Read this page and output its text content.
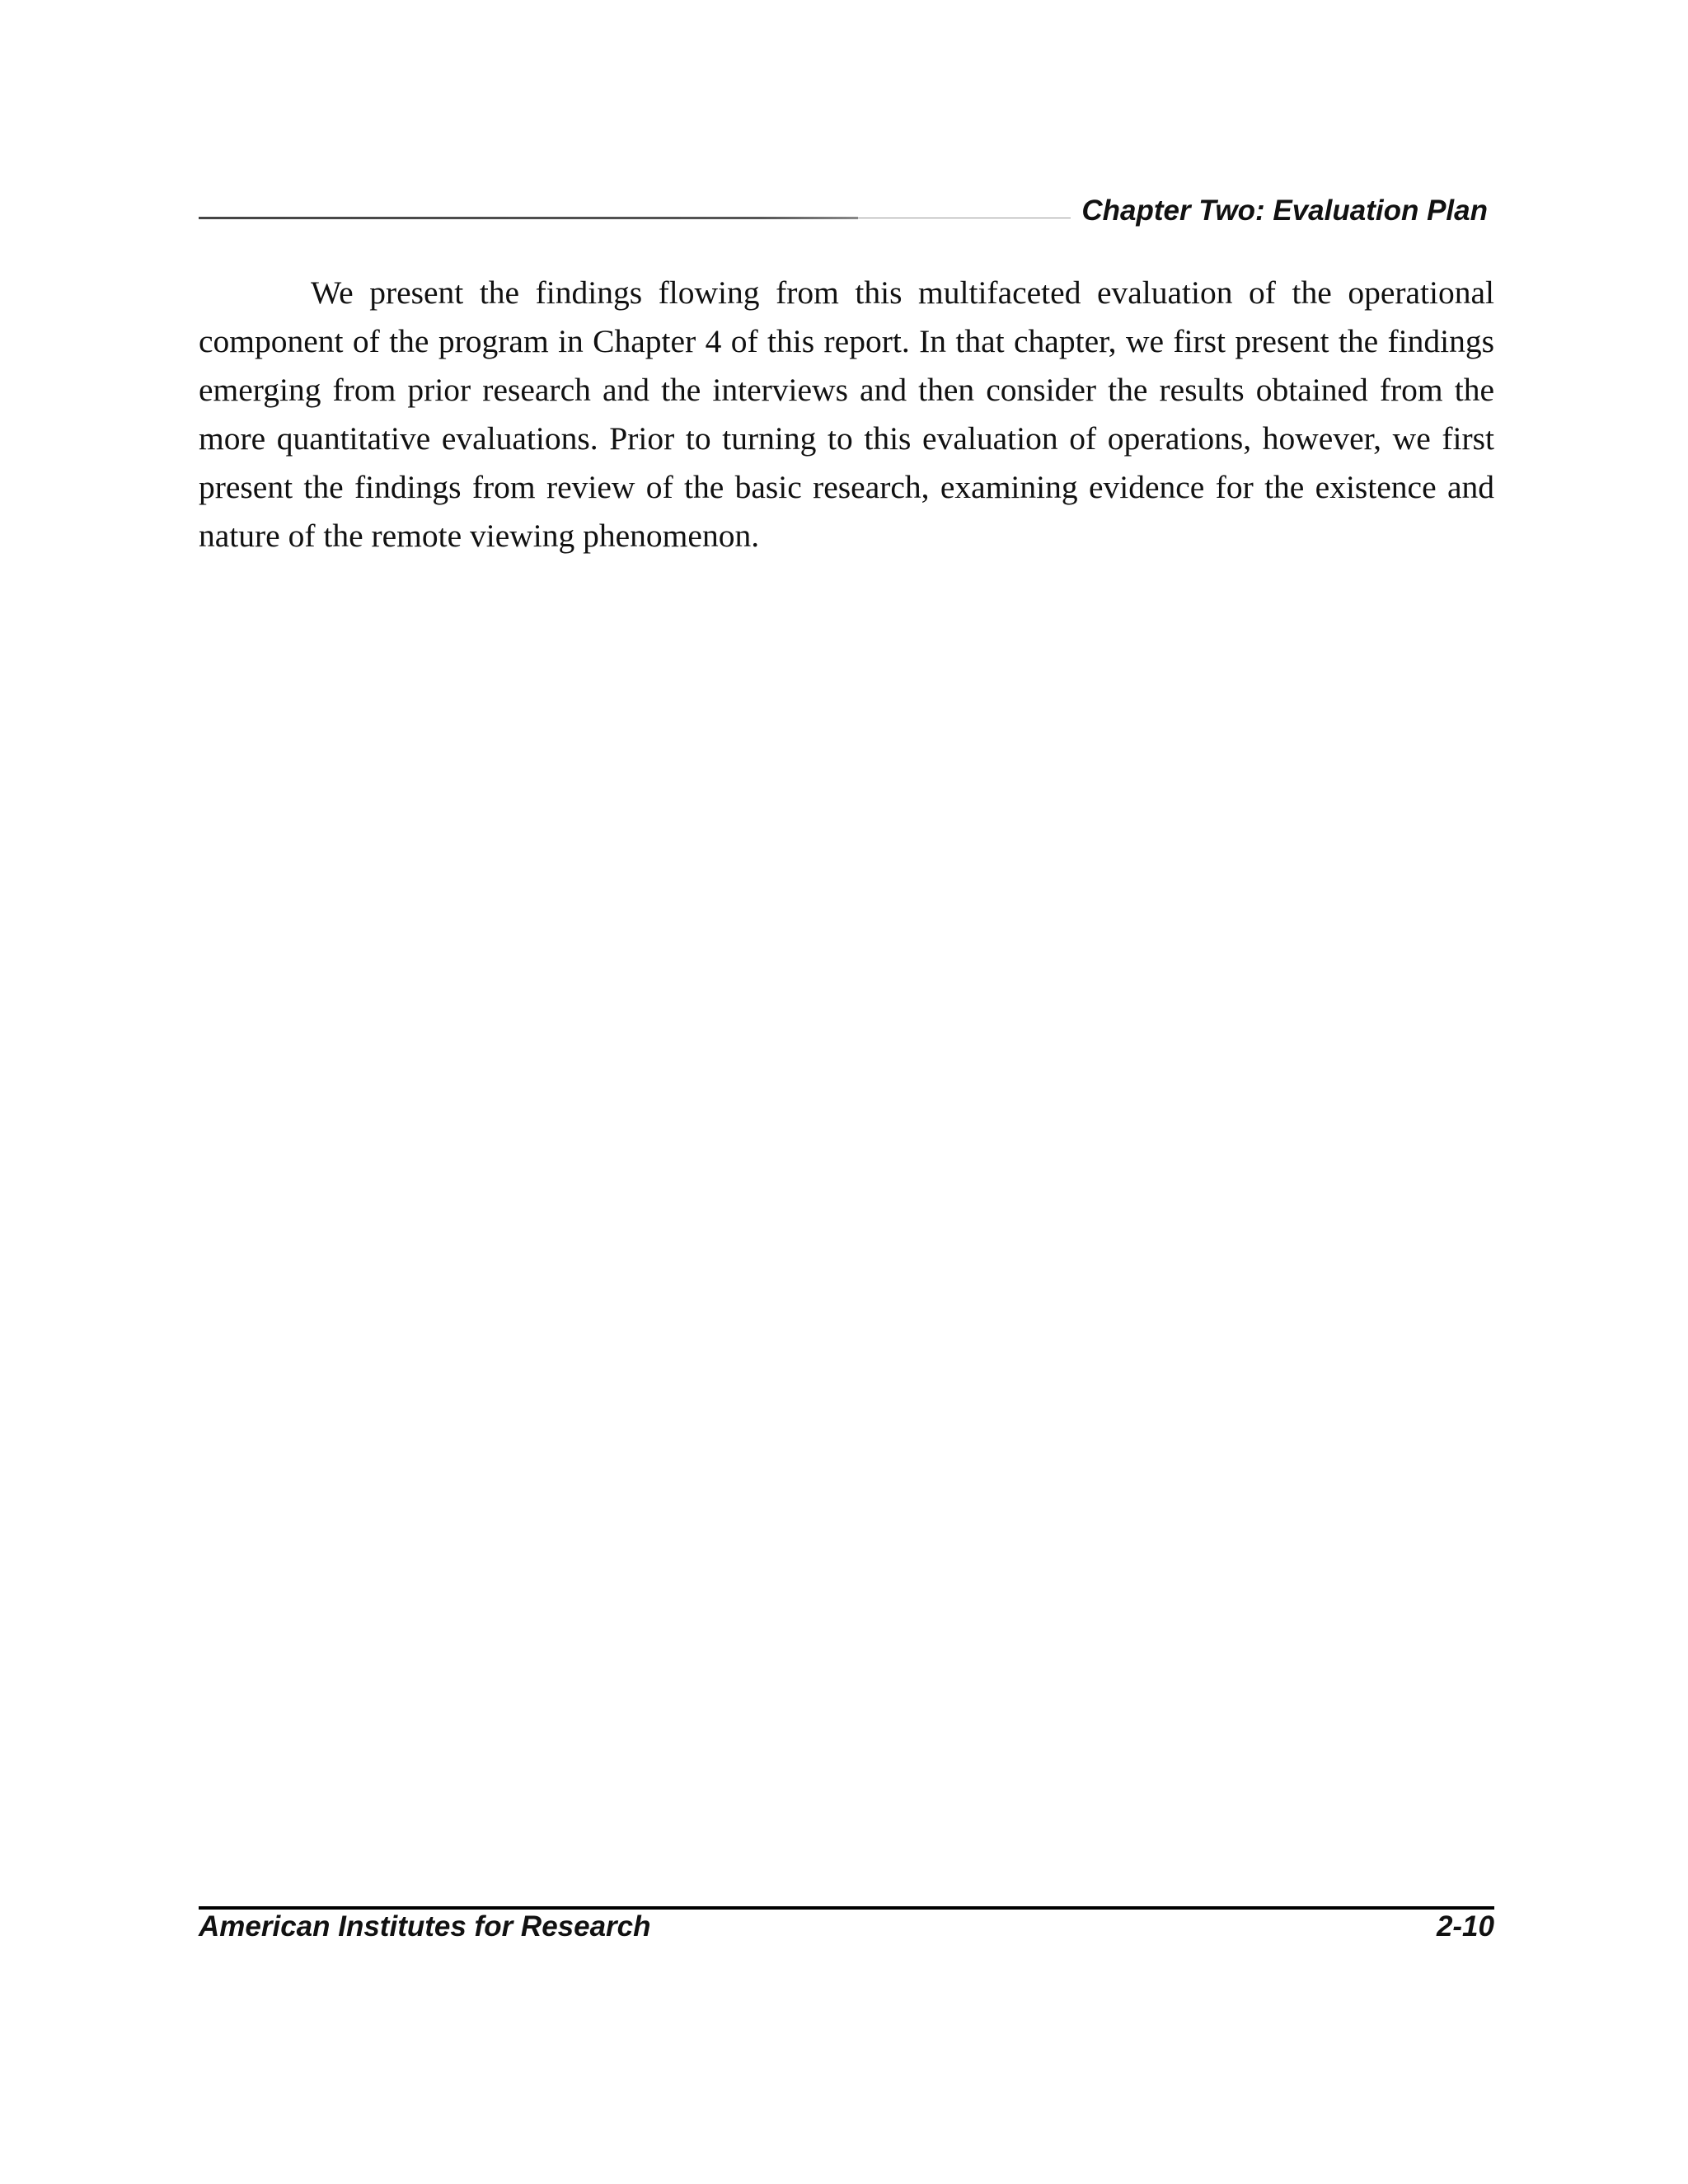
Chapter Two: Evaluation Plan

We present the findings flowing from this multifaceted evaluation of the operational component of the program in Chapter 4 of this report. In that chapter, we first present the findings emerging from prior research and the interviews and then consider the results obtained from the more quantitative evaluations. Prior to turning to this evaluation of operations, however, we first present the findings from review of the basic research, examining evidence for the existence and nature of the remote viewing phenomenon.

American Institutes for Research	2-10
